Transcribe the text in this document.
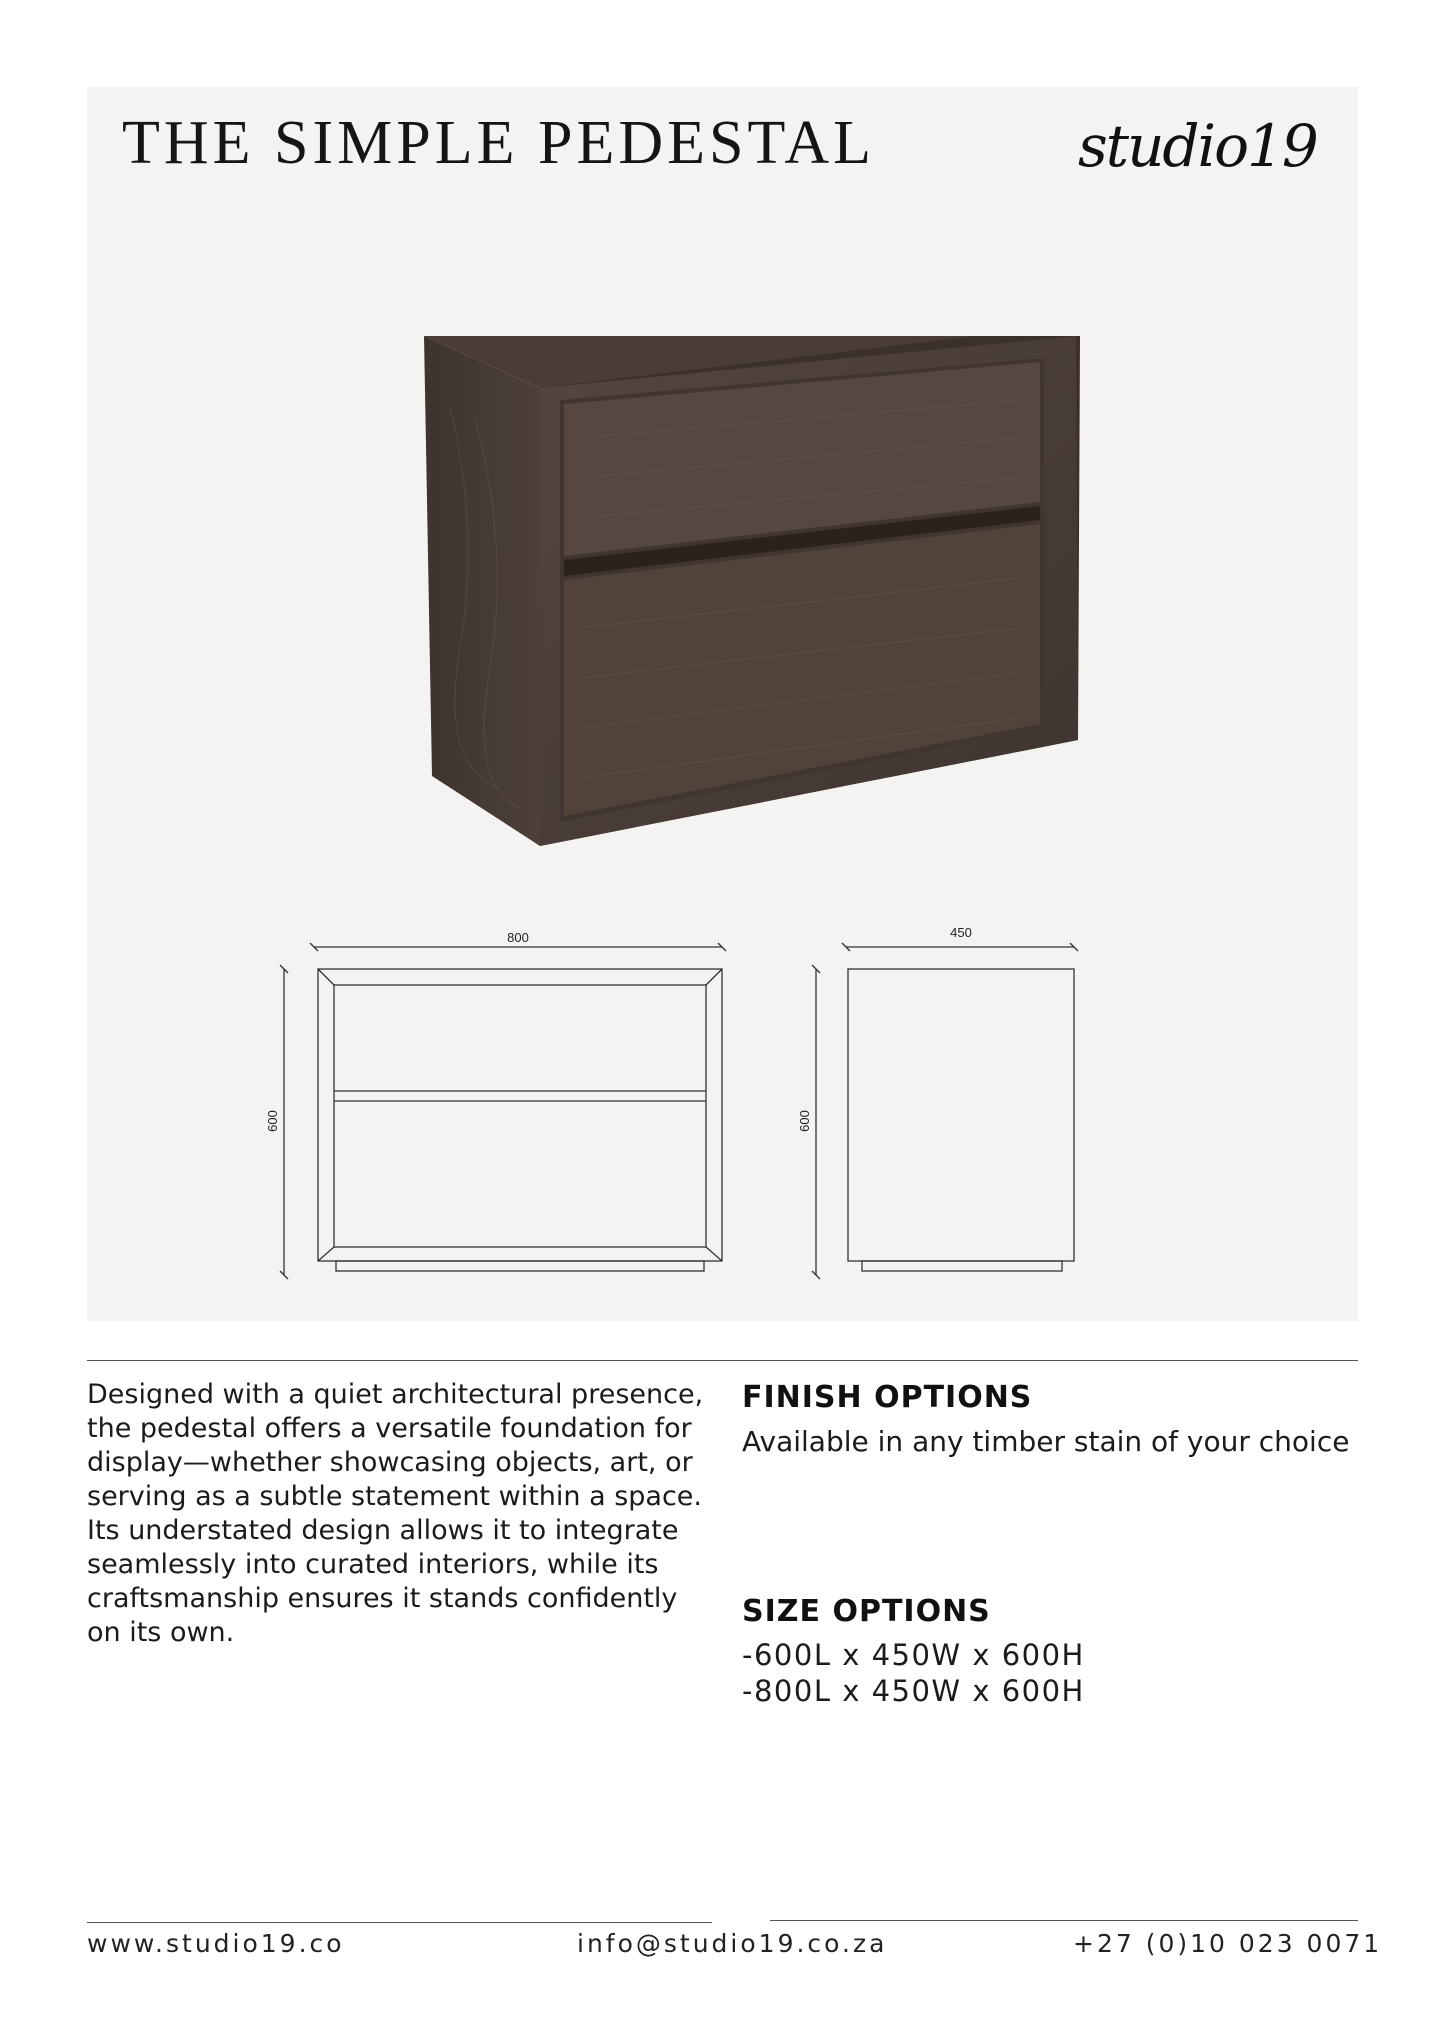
THE SIMPLE PEDESTAL	studio19
800
600
450
600
Designed with a quiet architectural presence,
the pedestal offers a versatile foundation for
display—whether showcasing objects, art, or
serving as a subtle statement within a space.
Its understated design allows it to integrate
seamlessly into curated interiors, while its
craftsmanship ensures it stands confidently
on its own.
FINISH OPTIONS
Available in any timber stain of your choice
SIZE OPTIONS
-600L x 450W x 600H
-800L x 450W x 600H
www.studio19.co	info@studio19.co.za	+27 (0)10 023 0071
